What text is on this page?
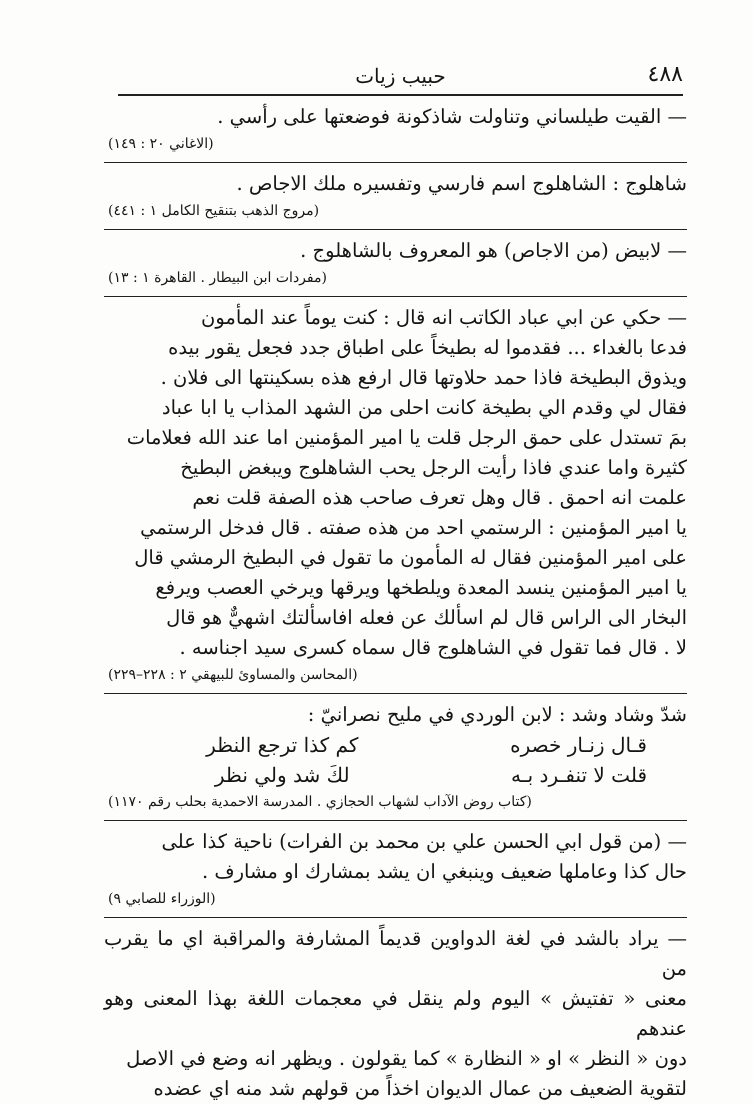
٤٨٨
حبيب زيات

— القيت طيلساني وتناولت شاذكونة فوضعتها على رأسي .

(الاغاني ٢٠ : ١٤٩)

شاهلوج : الشاهلوج اسم فارسي وتفسيره ملك الاجاص .

(مروج الذهب بتنقيح الكامل ١ : ٤٤١)

— لابيض (من الاجاص) هو المعروف بالشاهلوج .

(مفردات ابن البيطار . القاهرة ١ : ١٣)

— حكي عن ابي عباد الكاتب انه قال : كنت يوماً عند المأمون

فدعا بالغداء ... فقدموا له بطيخاً على اطباق جدد فجعل يقور بيده

ويذوق البطيخة فاذا حمد حلاوتها قال ارفع هذه بسكينتها الى فلان .

فقال لي وقدم الي بطيخة كانت احلى من الشهد المذاب يا ابا عباد

بمَ تستدل على حمق الرجل قلت يا امير المؤمنين اما عند الله فعلامات

كثيرة واما عندي فاذا رأيت الرجل يحب الشاهلوج ويبغض البطيخ

علمت انه احمق . قال وهل تعرف صاحب هذه الصفة قلت نعم

يا امير المؤمنين : الرستمي احد من هذه صفته . قال فدخل الرستمي

على امير المؤمنين فقال له المأمون ما تقول في البطيخ الرمشي قال

يا امير المؤمنين ينسد المعدة ويلطخها ويرقها ويرخي العصب ويرفع

البخار الى الراس قال لم اسألك عن فعله افاسألتك اشهيٌّ هو قال

لا . قال فما تقول في الشاهلوج قال سماه كسرى سيد اجناسه .

(المحاسن والمساوئ للبيهقي ٢ : ٢٢٨–٢٢٩)

شدّ وشاد وشد : لابن الوردي في مليح نصرانيّ :

قـال زنـار خصره
كم كذا ترجع النظر
قلت لا تنفـرد بـه
لكَ شد ولي نظر
(كتاب روض الآداب لشهاب الحجازي . المدرسة الاحمدية بحلب رقم ١١٧٠)

— (من قول ابي الحسن علي بن محمد بن الفرات) ناحية كذا على

حال كذا وعاملها ضعيف وينبغي ان يشد بمشارك او مشارف .

(الوزراء للصابي ٩)

— يراد بالشد في لغة الدواوين قديماً المشارفة والمراقبة اي ما يقرب من

معنى « تفتيش » اليوم ولم ينقل في معجمات اللغة بهذا المعنى وهو عندهم

دون « النظر » او « النظارة » كما يقولون . ويظهر انه وضع في الاصل

لتقوية الضعيف من عمال الديوان اخذاً من قولهم شد منه اي عضده
